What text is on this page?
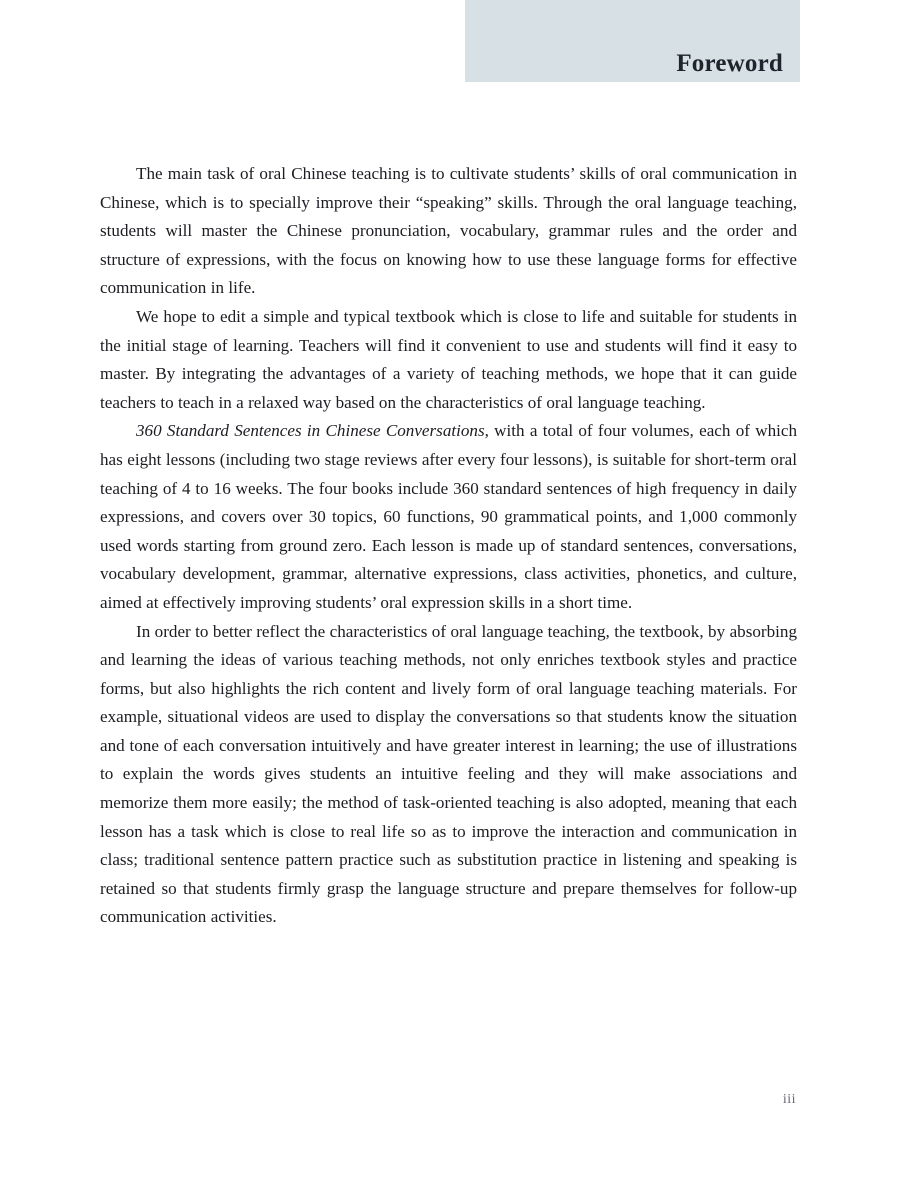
Foreword

The main task of oral Chinese teaching is to cultivate students’ skills of oral communication in Chinese, which is to specially improve their “speaking” skills. Through the oral language teaching, students will master the Chinese pronunciation, vocabulary, grammar rules and the order and structure of expressions, with the focus on knowing how to use these language forms for effective communication in life.

We hope to edit a simple and typical textbook which is close to life and suitable for students in the initial stage of learning. Teachers will find it convenient to use and students will find it easy to master. By integrating the advantages of a variety of teaching methods, we hope that it can guide teachers to teach in a relaxed way based on the characteristics of oral language teaching.

360 Standard Sentences in Chinese Conversations, with a total of four volumes, each of which has eight lessons (including two stage reviews after every four lessons), is suitable for short-term oral teaching of 4 to 16 weeks. The four books include 360 standard sentences of high frequency in daily expressions, and covers over 30 topics, 60 functions, 90 grammatical points, and 1,000 commonly used words starting from ground zero. Each lesson is made up of standard sentences, conversations, vocabulary development, grammar, alternative expressions, class activities, phonetics, and culture, aimed at effectively improving students’ oral expression skills in a short time.

In order to better reflect the characteristics of oral language teaching, the textbook, by absorbing and learning the ideas of various teaching methods, not only enriches textbook styles and practice forms, but also highlights the rich content and lively form of oral language teaching materials. For example, situational videos are used to display the conversations so that students know the situation and tone of each conversation intuitively and have greater interest in learning; the use of illustrations to explain the words gives students an intuitive feeling and they will make associations and memorize them more easily; the method of task-oriented teaching is also adopted, meaning that each lesson has a task which is close to real life so as to improve the interaction and communication in class; traditional sentence pattern practice such as substitution practice in listening and speaking is retained so that students firmly grasp the language structure and prepare themselves for follow-up communication activities.

iii
